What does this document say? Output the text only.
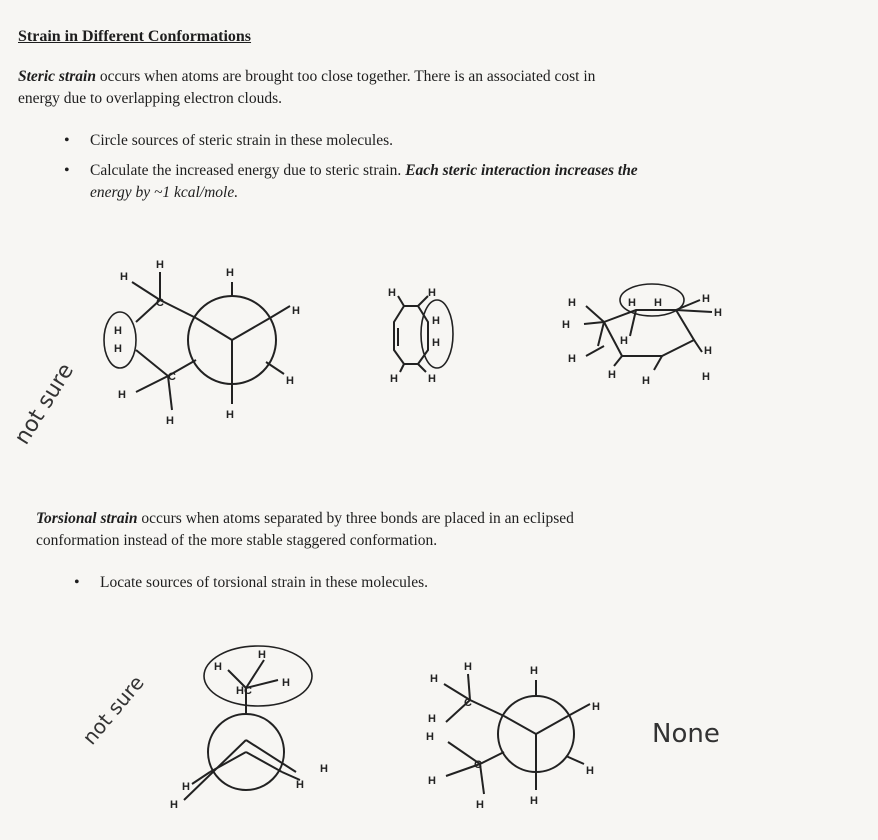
Strain in Different Conformations
Steric strain occurs when atoms are brought too close together. There is an associated cost in
energy due to overlapping electron clouds.
• Circle sources of steric strain in these molecules.
• Calculate the increased energy due to steric strain. Each steric interaction increases the
energy by ~1 kcal/mole.
Torsional strain occurs when atoms separated by three bonds are placed in an eclipsed
conformation instead of the more stable staggered conformation.
• Locate sources of torsional strain in these molecules.
H
H
C
H
H
H
H
C
H
H
H
H
H	H
H
H
H	H
H
H
H
H H
H
H H
H
H
H
H
H
H
H
HC
H
H
H
H
H
H
C
H
H
H
H
C
H
H
H
H
not sure
not sure	None
